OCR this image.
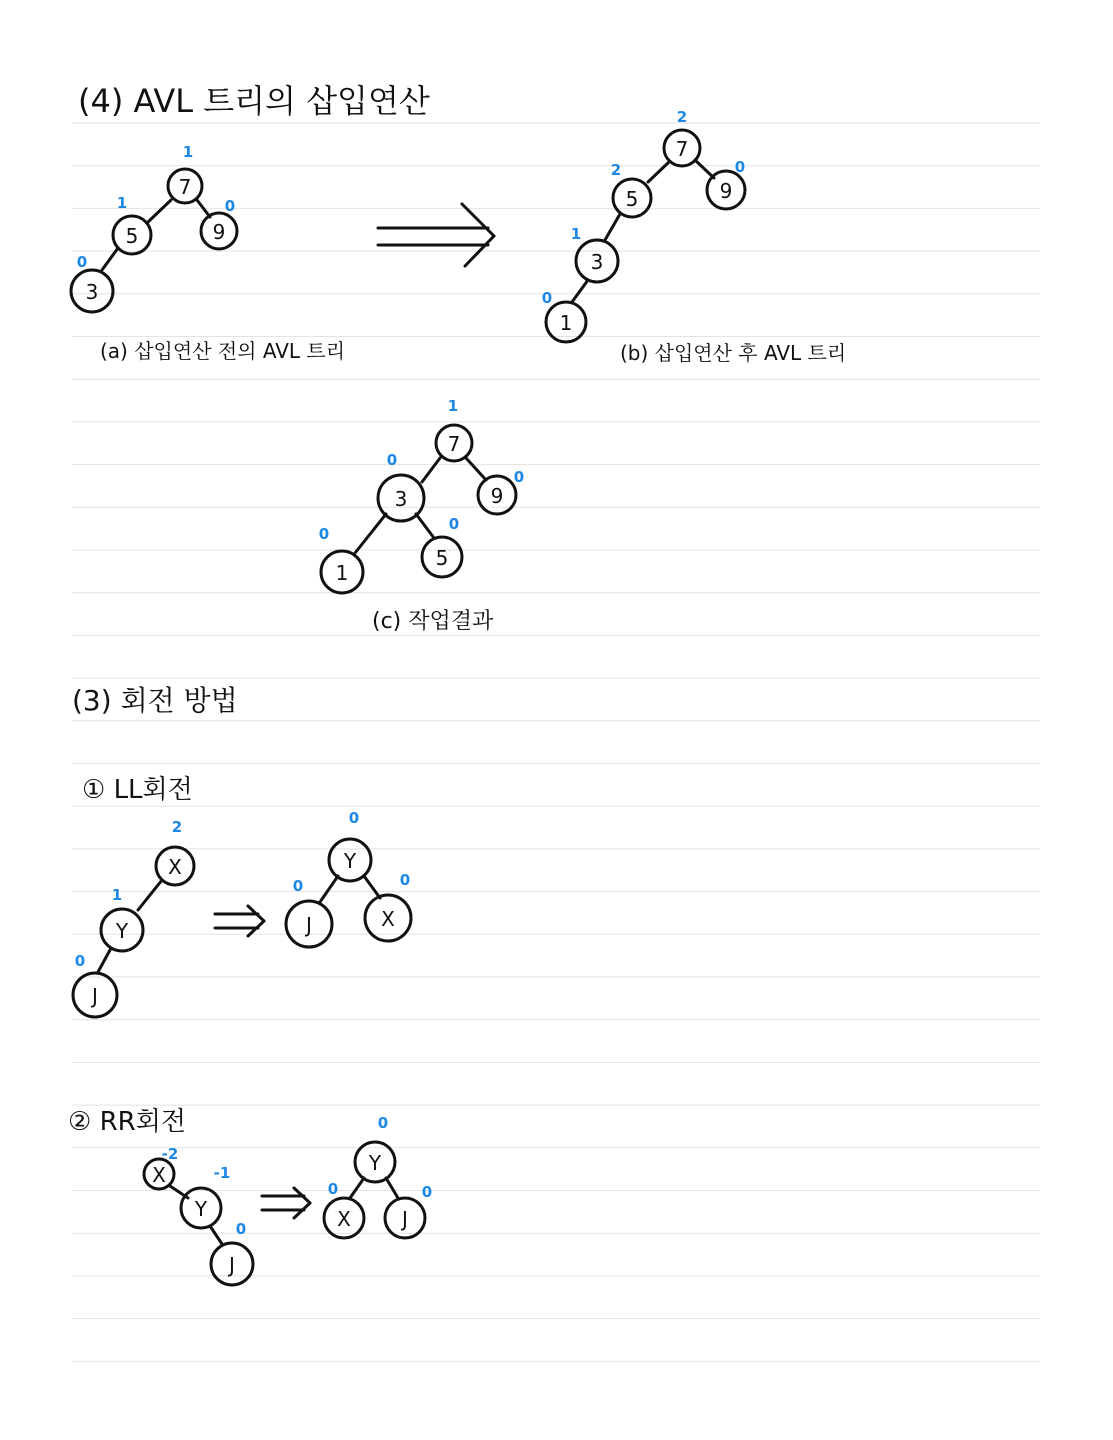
(4) AVL 트리의 삽입연산
(3) 회전 방법
① LL회전
② RR회전
(a) 삽입연산 전의 AVL 트리	(b) 삽입연산 후 AVL 트리
(c) 작업결과
7
1
5
1
9
0
3
0
7
2
5
2
9
0
3
1
1
0
7
1
3
0
9
0
1
0
5
0
X
2
Y
1
J
0
Y
0
J
0
X
0
X
-2
Y
-1
J
0
Y
0
X
0
J
0
